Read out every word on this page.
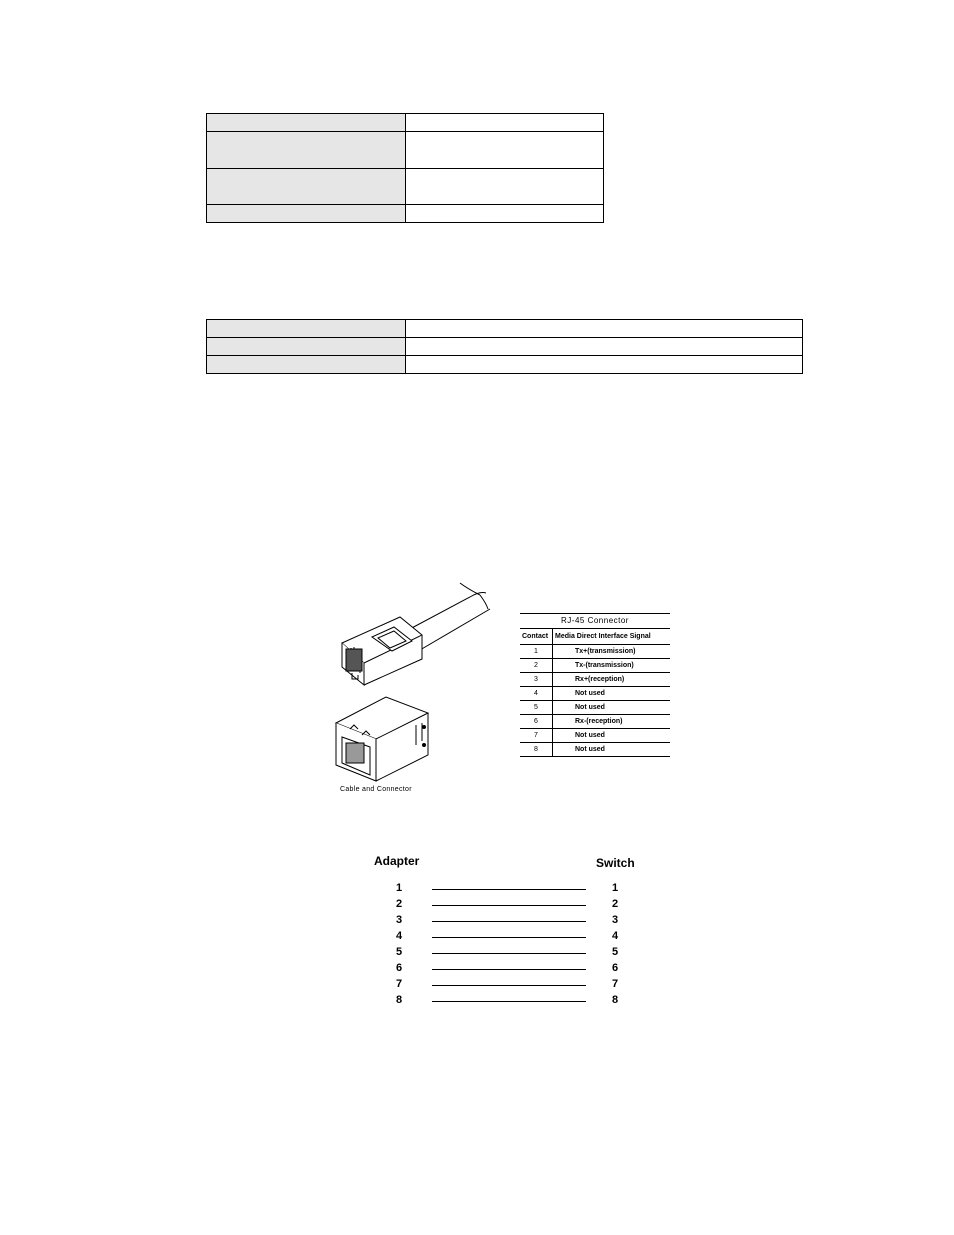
RJ-45 Connector
Contact	Media Direct Interface Signal
1	Tx+(transmission)
2	Tx-(transmission)
3	Rx+(reception)
4	Not used
5	Not used
6	Rx-(reception)
7	Not used
8	Not used
Cable and Connector
Adapter	Switch
1	1
2	2
3	3
4	4
5	5
6	6
7	7
8	8
